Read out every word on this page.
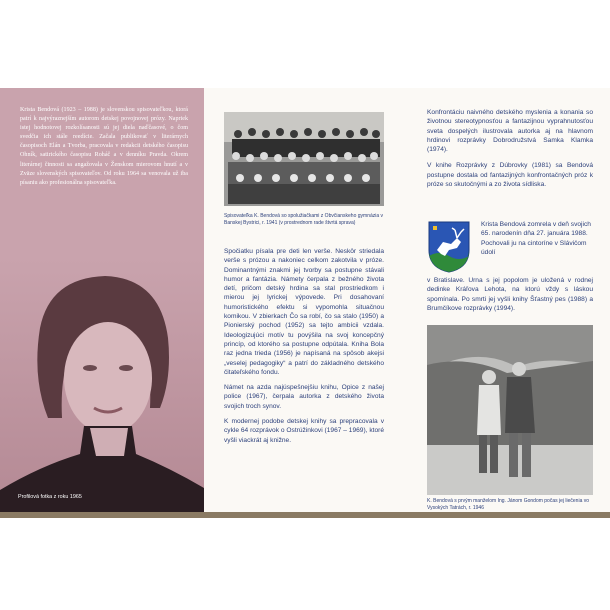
Krista Bendová (1923 – 1988) je slovenskou spisovateľkou, ktorá patrí k najvýraznejším autorom detskej povojnovej prózy. Napriek istej hodnotovej rozkolísanosti sú jej diela naďčasové, o čom svedčia ich stále reedície. Začala publikovať v literárnych časopisoch Elán a Tvorba, pracovala v redakcii detského časopisu Ohník, satirického časopisu Roháč a v denníku Pravda. Okrem literárnej činnosti sa angažovala v Ženskom mierovom hnutí a v Zväze slovenských spisovateľov. Od roku 1964 sa venovala už iba písaniu ako profesionálna spisovateľka.
Profilová fotka z roku 1965
Spisovateľka K. Bendová so spolužiačkami z Obvčianskeho gymnázia v Banskej Bystrici, r. 1941 (v prostrednom rade štvrtá sprava)

Spočiatku písala pre deti len verše. Neskôr striedala verše s prózou a nakoniec celkom zakotvila v próze. Dominantnými znakmi jej tvorby sa postupne stávali humor a fantázia. Námety čerpala z bežného života detí, pričom detský hrdina sa stal prostriedkom i mierou jej lyrickej výpovede. Pri dosahovaní humoristického efektu si vypomohla situačnou komikou. V zbierkach Čo sa robí, čo sa stalo (1950) a Pionierský pochod (1952) sa tejto ambícii vzdala. Ideologizujúci motív tu povýšila na svoj koncepčný princíp, od ktorého sa postupne odpútala. Kniha Bola raz jedna trieda (1956) je napísaná na spôsob akejsi „veselej pedagogiky“ a patrí do základného detského čitateľského fondu.

Námet na azda najúspešnejšiu knihu, Opice z našej police (1967), čerpala autorka z detského života svojich troch synov.

K modernej podobe detskej knihy sa prepracovala v cykle 64 rozprávok o Ostrúžinkovi (1967 – 1969), ktoré vyšli viackrát aj knižne.

Konfrontáciu naivného detského myslenia a konania so životnou stereotypnosťou a fantazijnou vyprahnutosťou sveta dospelých ilustrovala autorka aj na hlavnom hrdinovi rozprávky Dobrodružstvá Samka Klamka (1974).

V knihe Rozprávky z Dúbrovky (1981) sa Bendová postupne dostala od fantazijných konfrontačných próz k próze so skutočnými a zo života sídliska.

Krista Bendová zomrela v deň svojich 65. narodenín dňa 27. januára 1988. Pochovali ju na cintoríne v Slávičom údolí
v Bratislave. Urna s jej popolom je uložená v rodnej dedinke Kráľova Lehota, na ktorú vždy s láskou spomínala. Po smrti jej vyšli knihy Šťastný pes (1988) a Brumčíkove rozprávky (1994).
K. Bendová s prvým manželom Ing. Jánom Gondom počas jej liečenia vo Vysokých Tatrách, r. 1946
